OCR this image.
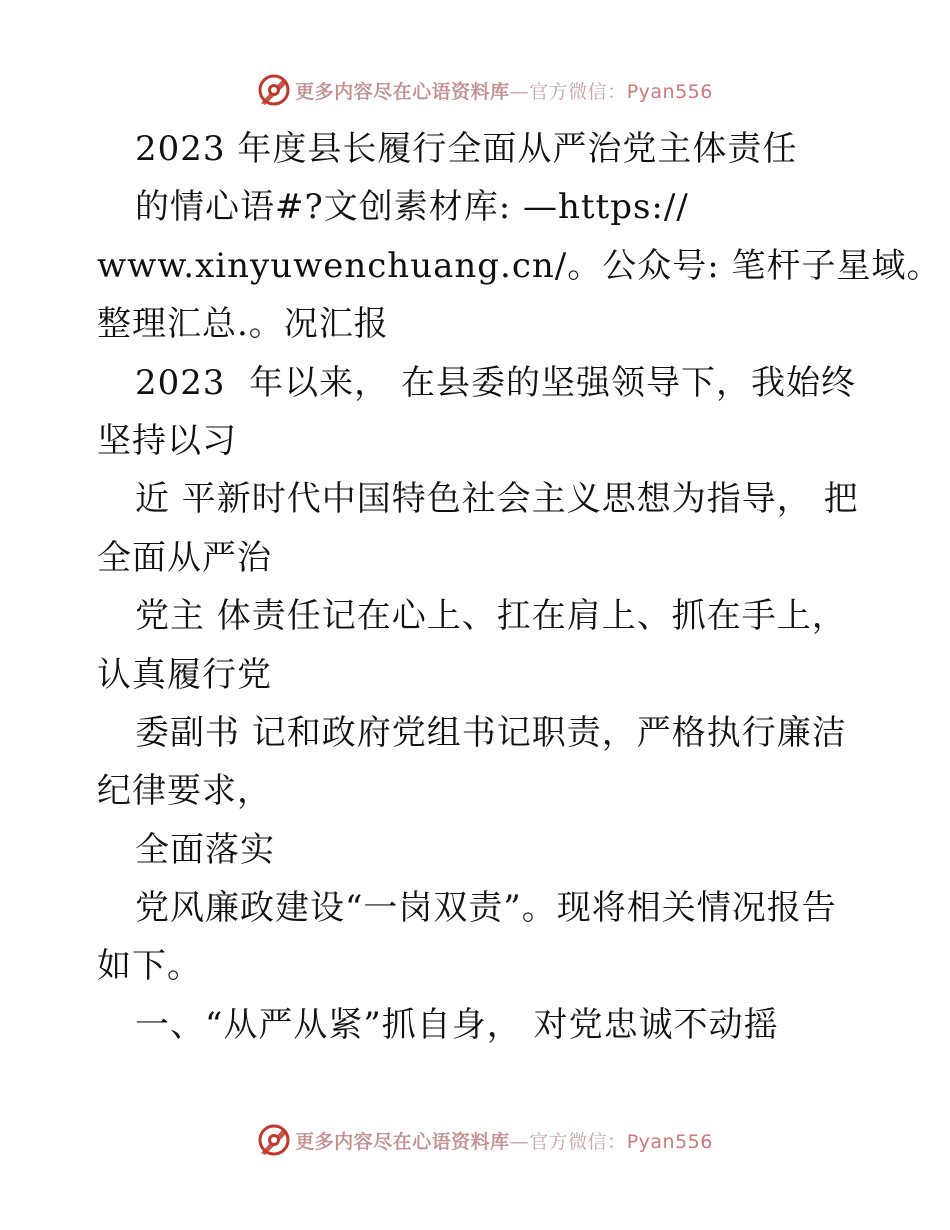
更多内容尽在心语资料库—官方微信：Pyan556
2023 年度县长履行全面从严治党主体责任
的情心语#?文创素材库: —https://
www.xinyuwenchuang.cn/。公众号: 笔杆子星域。
整理汇总.。况汇报
2023  年以来， 在县委的坚强领导下，我始终
坚持以习
近 平新时代中国特色社会主义思想为指导， 把
全面从严治
党主 体责任记在心上、扛在肩上、抓在手上，
认真履行党
委副书 记和政府党组书记职责，严格执行廉洁
纪律要求，
全面落实
党风廉政建设“一岗双责”。现将相关情况报告
如下。
一、“从严从紧”抓自身， 对党忠诚不动摇
更多内容尽在心语资料库—官方微信：Pyan556
